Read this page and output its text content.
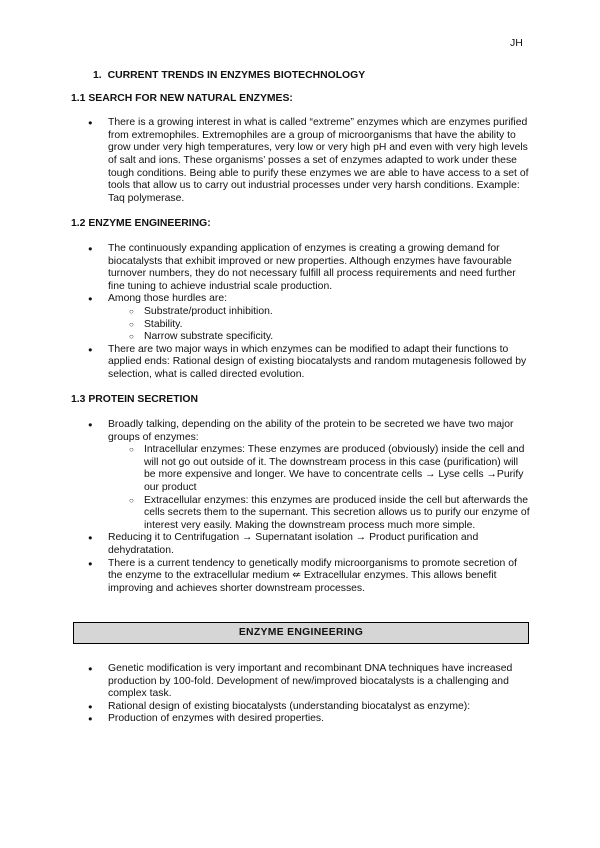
JH
1. CURRENT TRENDS IN ENZYMES BIOTECHNOLOGY
1.1 SEARCH FOR NEW NATURAL ENZYMES:
● There is a growing interest in what is called “extreme” enzymes which are enzymes purified from extremophiles. Extremophiles are a group of microorganisms that have the ability to grow under very high temperatures, very low or very high pH and even with very high levels of salt and ions. These organisms’ posses a set of enzymes adapted to work under these tough conditions. Being able to purify these enzymes we are able to have access to a set of tools that allow us to carry out industrial processes under very harsh conditions. Example: Taq polymerase.
1.2 ENZYME ENGINEERING:
● The continuously expanding application of enzymes is creating a growing demand for biocatalysts that exhibit improved or new properties. Although enzymes have favourable turnover numbers, they do not necessary fulfill all process requirements and need further fine tuning to achieve industrial scale production.
● Among those hurdles are:
○ Substrate/product inhibition.
○ Stability.
○ Narrow substrate specificity.
● There are two major ways in which enzymes can be modified to adapt their functions to applied ends: Rational design of existing biocatalysts and random mutagenesis followed by selection, what is called directed evolution.
1.3 PROTEIN SECRETION
● Broadly talking, depending on the ability of the protein to be secreted we have two major groups of enzymes:
○ Intracellular enzymes: These enzymes are produced (obviously) inside the cell and will not go out outside of it. The downstream process in this case (purification) will be more expensive and longer. We have to concentrate cells → Lyse cells →Purify our product
○ Extracellular enzymes: this enzymes are produced inside the cell but afterwards the cells secrets them to the supernant. This secretion allows us to purify our enzyme of interest very easily. Making the downstream process much more simple.
● Reducing it to Centrifugation → Supernatant isolation → Product purification and dehydratation.
● There is a current tendency to genetically modify microorganisms to promote secretion of the enzyme to the extracellular medium ⇍ Extracellular enzymes. This allows benefit improving and achieves shorter downstream processes.
ENZYME ENGINEERING
● Genetic modification is very important and recombinant DNA techniques have increased production by 100-fold. Development of new/improved biocatalysts is a challenging and complex task.
● Rational design of existing biocatalysts (understanding biocatalyst as enzyme):
● Production of enzymes with desired properties.
